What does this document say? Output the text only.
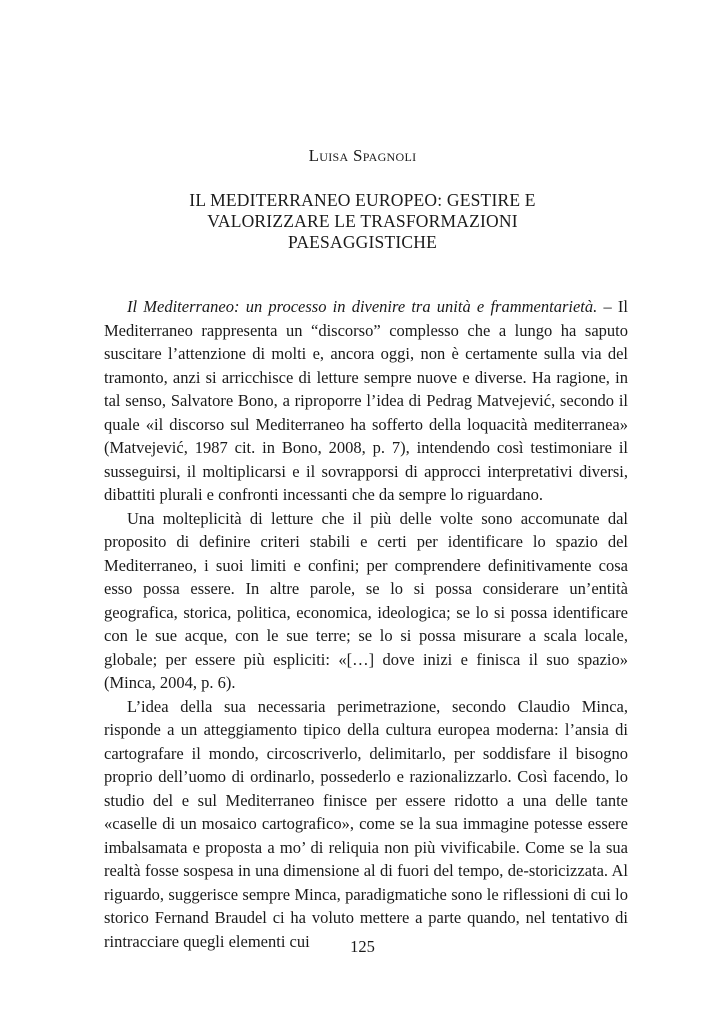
Luisa Spagnoli
IL MEDITERRANEO EUROPEO: GESTIRE E
VALORIZZARE LE TRASFORMAZIONI
PAESAGGISTICHE

Il Mediterraneo: un processo in divenire tra unità e frammentarietà. – Il Mediterraneo rappresenta un “discorso” complesso che a lungo ha saputo suscitare l’attenzione di molti e, ancora oggi, non è certamente sulla via del tramonto, anzi si arricchisce di letture sempre nuove e diverse. Ha ragione, in tal senso, Salvatore Bono, a riproporre l’idea di Pedrag Matvejević, secondo il quale «il discorso sul Mediterraneo ha sofferto della loquacità mediterranea» (Matvejević, 1987 cit. in Bono, 2008, p. 7), intendendo così testimoniare il susseguirsi, il moltiplicarsi e il sovrapporsi di approcci interpretativi diversi, dibattiti plurali e confronti incessanti che da sempre lo riguardano.

Una molteplicità di letture che il più delle volte sono accomunate dal proposito di definire criteri stabili e certi per identificare lo spazio del Mediterraneo, i suoi limiti e confini; per comprendere definitivamente cosa esso possa essere. In altre parole, se lo si possa considerare un’entità geografica, storica, politica, economica, ideologica; se lo si possa identificare con le sue acque, con le sue terre; se lo si possa misurare a scala locale, globale; per essere più espliciti: «[…] dove inizi e finisca il suo spazio» (Minca, 2004, p. 6).

L’idea della sua necessaria perimetrazione, secondo Claudio Minca, risponde a un atteggiamento tipico della cultura europea moderna: l’ansia di cartografare il mondo, circoscriverlo, delimitarlo, per soddisfare il bisogno proprio dell’uomo di ordinarlo, possederlo e razionalizzarlo. Così facendo, lo studio del e sul Mediterraneo finisce per essere ridotto a una delle tante «caselle di un mosaico cartografico», come se la sua immagine potesse essere imbalsamata e proposta a mo’ di reliquia non più vivificabile. Come se la sua realtà fosse sospesa in una dimensione al di fuori del tempo, de-storicizzata. Al riguardo, suggerisce sempre Minca, paradigmatiche sono le riflessioni di cui lo storico Fernand Braudel ci ha voluto mettere a parte quando, nel tentativo di rintracciare quegli elementi cui	125
